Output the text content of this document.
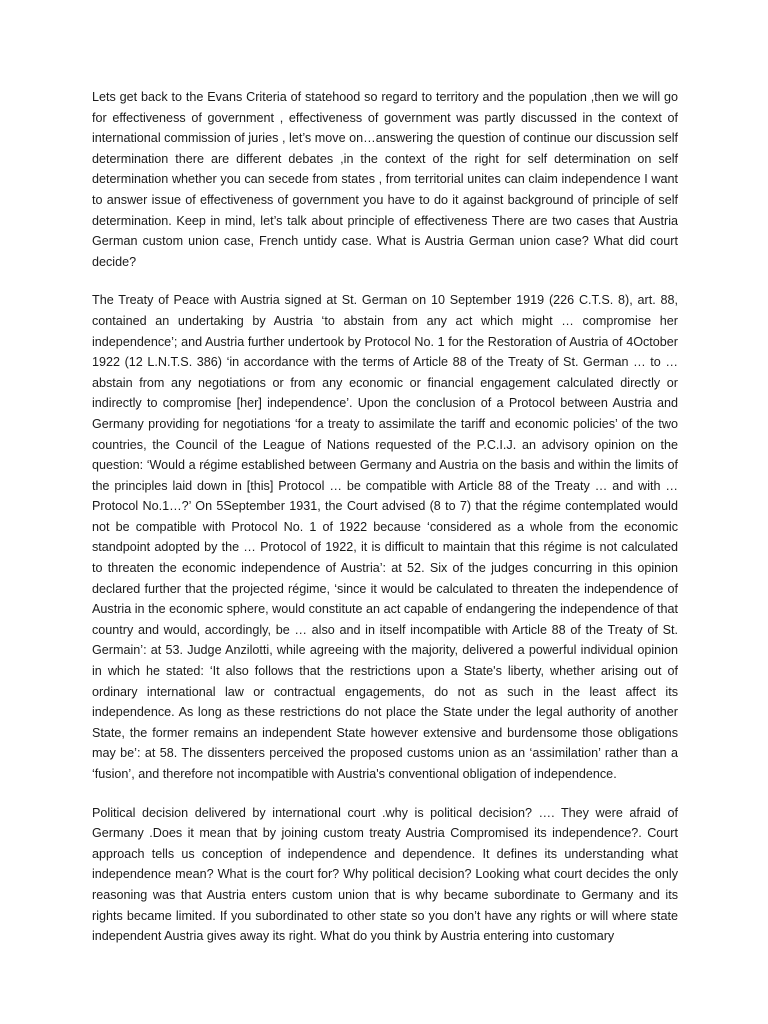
Lets get back to the Evans Criteria of statehood so regard to territory and the population ,then we will go for effectiveness of government , effectiveness of government was partly discussed in the context of international commission of juries , let’s move on…answering the question of continue our discussion self determination there are different debates ,in the context of the right for self determination on self determination whether you can secede from states , from territorial unites can claim independence I want to answer issue of effectiveness of government you have to do it against background of principle of self determination. Keep in mind, let’s talk about principle of effectiveness There are two cases that Austria German custom union case, French untidy case. What is Austria German union case? What did court decide?

The Treaty of Peace with Austria signed at St. German on 10 September 1919 (226 C.T.S. 8), art. 88, contained an undertaking by Austria ‘to abstain from any act which might … compromise her independence’; and Austria further undertook by Protocol No. 1 for the Restoration of Austria of 4October 1922 (12 L.N.T.S. 386) ‘in accordance with the terms of Article 88 of the Treaty of St. German … to … abstain from any negotiations or from any economic or financial engagement calculated directly or indirectly to compromise [her] independence’. Upon the conclusion of a Protocol between Austria and Germany providing for negotiations ‘for a treaty to assimilate the tariff and economic policies’ of the two countries, the Council of the League of Nations requested of the P.C.I.J. an advisory opinion on the question: ‘Would a régime established between Germany and Austria on the basis and within the limits of the principles laid down in [this] Protocol … be compatible with Article 88 of the Treaty … and with … Protocol No.1…?’ On 5September 1931, the Court advised (8 to 7) that the régime contemplated would not be compatible with Protocol No. 1 of 1922 because ‘considered as a whole from the economic standpoint adopted by the … Protocol of 1922, it is difficult to maintain that this régime is not calculated to threaten the economic independence of Austria’: at 52. Six of the judges concurring in this opinion declared further that the projected régime, ‘since it would be calculated to threaten the independence of Austria in the economic sphere, would constitute an act capable of endangering the independence of that country and would, accordingly, be … also and in itself incompatible with Article 88 of the Treaty of St. Germain’: at 53. Judge Anzilotti, while agreeing with the majority, delivered a powerful individual opinion in which he stated: ‘It also follows that the restrictions upon a State's liberty, whether arising out of ordinary international law or contractual engagements, do not as such in the least affect its independence. As long as these restrictions do not place the State under the legal authority of another State, the former remains an independent State however extensive and burdensome those obligations may be’: at 58. The dissenters perceived the proposed customs union as an ‘assimilation’ rather than a ‘fusion’, and therefore not incompatible with Austria's conventional obligation of independence.

Political decision delivered by international court .why is political decision? …. They were afraid of Germany .Does it mean that by joining custom treaty Austria Compromised its independence?. Court approach tells us conception of independence and dependence. It defines its understanding what independence mean? What is the court for? Why political decision? Looking what court decides the only reasoning was that Austria enters custom union that is why became subordinate to Germany and its rights became limited. If you subordinated to other state so you don’t have any rights or will where state independent Austria gives away its right. What do you think by Austria entering into customary
